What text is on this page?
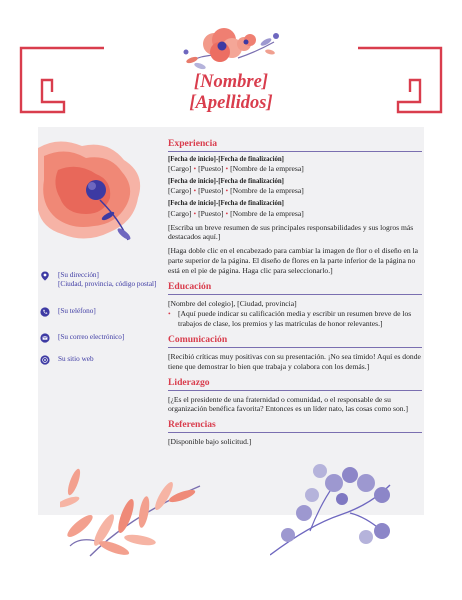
[Nombre]
[Apellidos]
[Su dirección]
[Ciudad, provincia, código postal]
[Su teléfono]
[Su correo electrónico]
Su sitio web
Experiencia
[Fecha de inicio]-[Fecha de finalización]
[Cargo] • [Puesto] • [Nombre de la empresa]
[Fecha de inicio]-[Fecha de finalización]
[Cargo] • [Puesto] • [Nombre de la empresa]
[Fecha de inicio]-[Fecha de finalización]
[Cargo] • [Puesto] • [Nombre de la empresa]

[Escriba un breve resumen de sus principales responsabilidades y sus logros más destacados aquí.]

[Haga doble clic en el encabezado para cambiar la imagen de flor o el diseño en la parte superior de la página. El diseño de flores en la parte inferior de la página no está en el pie de página. Haga clic para seleccionarlo.]

Educación

[Nombre del colegio], [Ciudad, provincia]

• [Aquí puede indicar su calificación media y escribir un resumen breve de los trabajos de clase, los premios y las matrículas de honor relevantes.]
Comunicación

[Recibió críticas muy positivas con su presentación. ¡No sea tímido! Aquí es donde tiene que demostrar lo bien que trabaja y colabora con los demás.]

Liderazgo

[¿Es el presidente de una fraternidad o comunidad, o el responsable de su organización benéfica favorita? Entonces es un líder nato, las cosas como son.]

Referencias

[Disponible bajo solicitud.]
